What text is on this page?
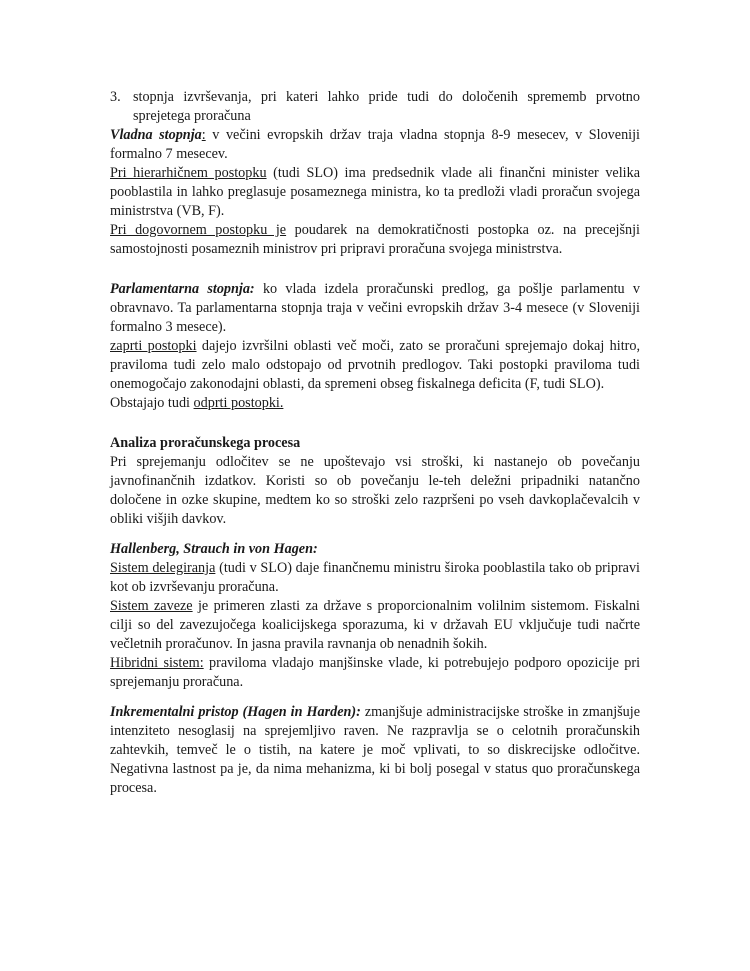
3. stopnja izvrševanja, pri kateri lahko pride tudi do določenih sprememb prvotno sprejetega proračuna

Vladna stopnja: v večini evropskih držav traja vladna stopnja 8-9 mesecev, v Sloveniji formalno 7 mesecev.

Pri hierarhičnem postopku (tudi SLO) ima predsednik vlade ali finančni minister velika pooblastila in lahko preglasuje posameznega ministra, ko ta predloži vladi proračun svojega ministrstva (VB, F).

Pri dogovornem postopku je poudarek na demokratičnosti postopka oz. na precejšnji samostojnosti posameznih ministrov pri pripravi proračuna svojega ministrstva.

Parlamentarna stopnja: ko vlada izdela proračunski predlog, ga pošlje parlamentu v obravnavo. Ta parlamentarna stopnja traja v večini evropskih držav 3-4 mesece (v Sloveniji formalno 3 mesece).

zaprti postopki dajejo izvršilni oblasti več moči, zato se proračuni sprejemajo dokaj hitro, praviloma tudi zelo malo odstopajo od prvotnih predlogov. Taki postopki praviloma tudi onemogočajo zakonodajni oblasti, da spremeni obseg fiskalnega deficita (F, tudi SLO).

Obstajajo tudi odprti postopki.

Analiza proračunskega procesa

Pri sprejemanju odločitev se ne upoštevajo vsi stroški, ki nastanejo ob povečanju javnofinančnih izdatkov. Koristi so ob povečanju le-teh deležni pripadniki natančno določene in ozke skupine, medtem ko so stroški zelo razpršeni po vseh davkoplačevalcih v obliki višjih davkov.

Hallenberg, Strauch in von Hagen:

Sistem delegiranja (tudi v SLO) daje finančnemu ministru široka pooblastila tako ob pripravi kot ob izvrševanju proračuna.

Sistem zaveze je primeren zlasti za države s proporcionalnim volilnim sistemom. Fiskalni cilji so del zavezujočega koalicijskega sporazuma, ki v državah EU vključuje tudi načrte večletnih proračunov. In jasna pravila ravnanja ob nenadnih šokih.

Hibridni sistem: praviloma vladajo manjšinske vlade, ki potrebujejo podporo opozicije pri sprejemanju proračuna.

Inkrementalni pristop (Hagen in Harden): zmanjšuje administracijske stroške in zmanjšuje intenziteto nesoglasij na sprejemljivo raven. Ne razpravlja se o celotnih proračunskih zahtevkih, temveč le o tistih, na katere je moč vplivati, to so diskrecijske odločitve. Negativna lastnost pa je, da nima mehanizma, ki bi bolj posegal v status quo proračunskega procesa.
